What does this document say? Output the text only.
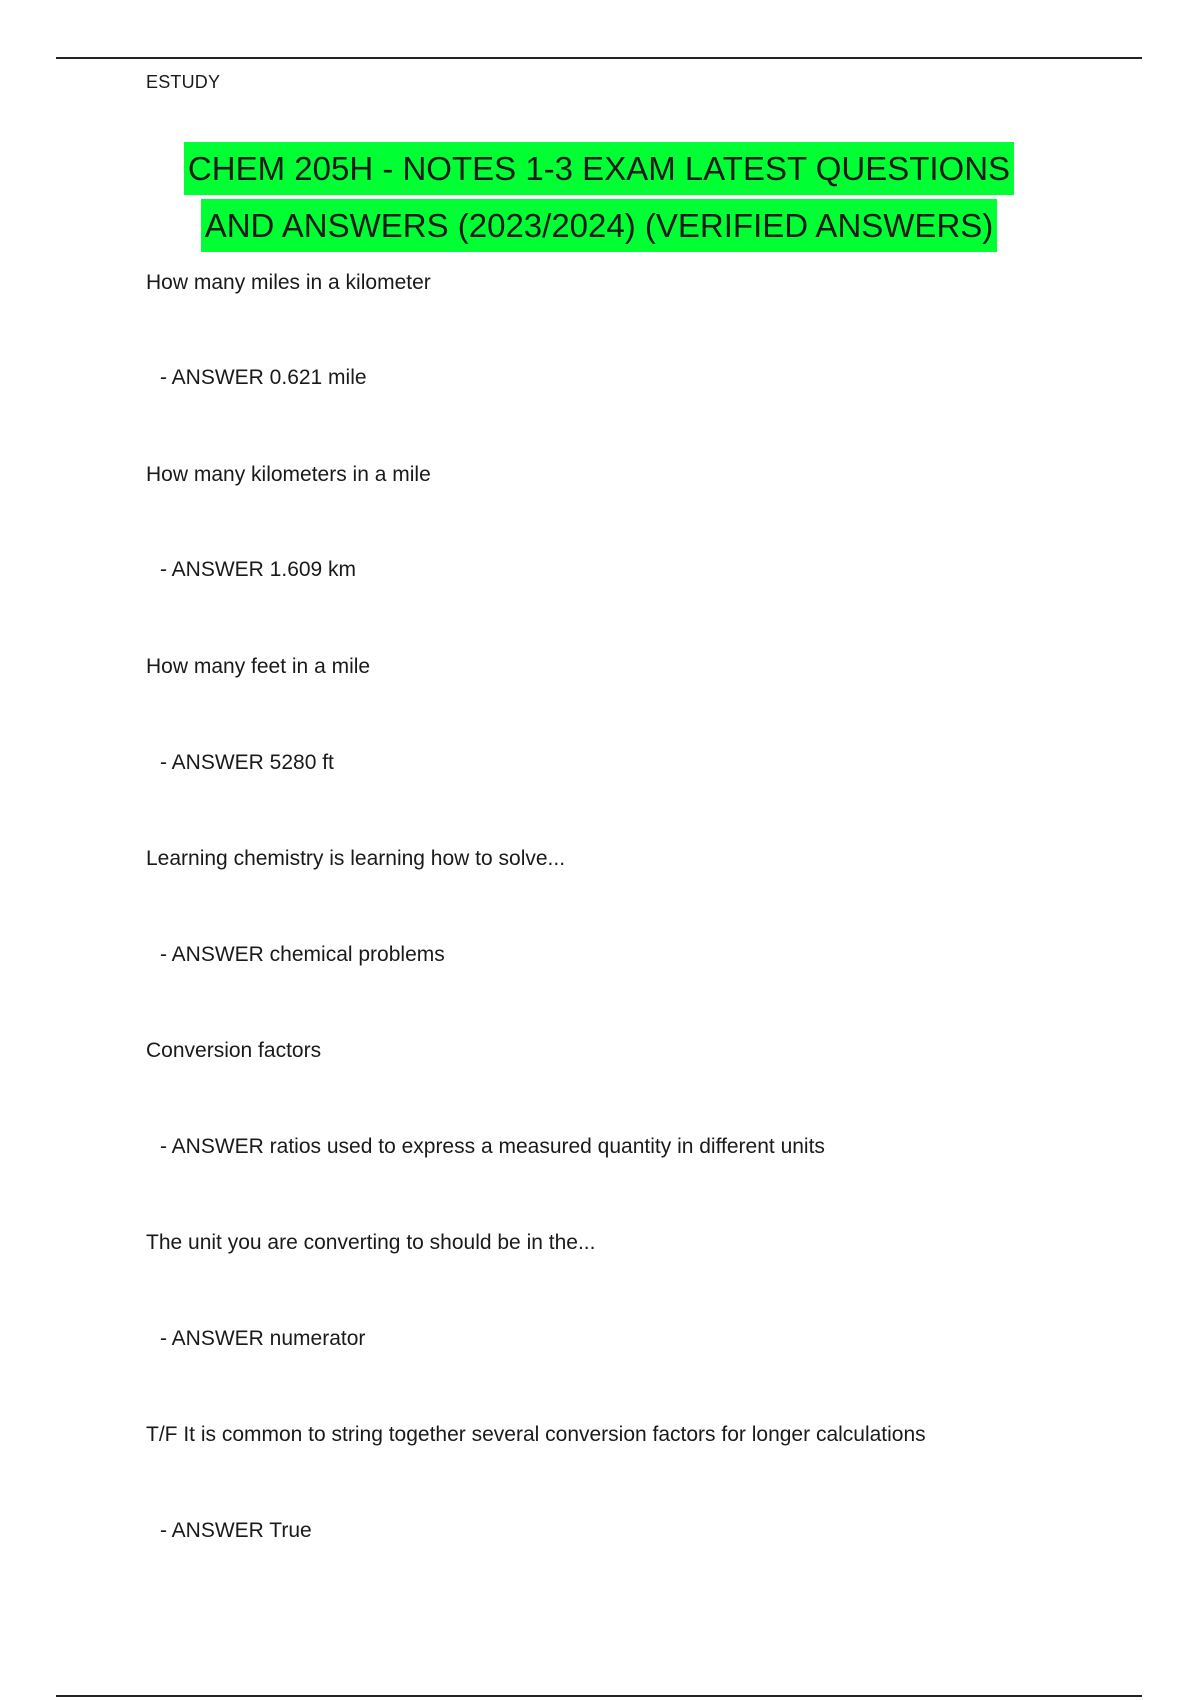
ESTUDY
CHEM 205H - NOTES 1-3 EXAM LATEST QUESTIONS
AND ANSWERS (2023/2024) (VERIFIED ANSWERS)
How many miles in a kilometer
- ANSWER 0.621 mile
How many kilometers in a mile
- ANSWER 1.609 km
How many feet in a mile
- ANSWER 5280 ft
Learning chemistry is learning how to solve...
- ANSWER chemical problems
Conversion factors
- ANSWER ratios used to express a measured quantity in different units
The unit you are converting to should be in the...
- ANSWER numerator
T/F It is common to string together several conversion factors for longer calculations
- ANSWER True
